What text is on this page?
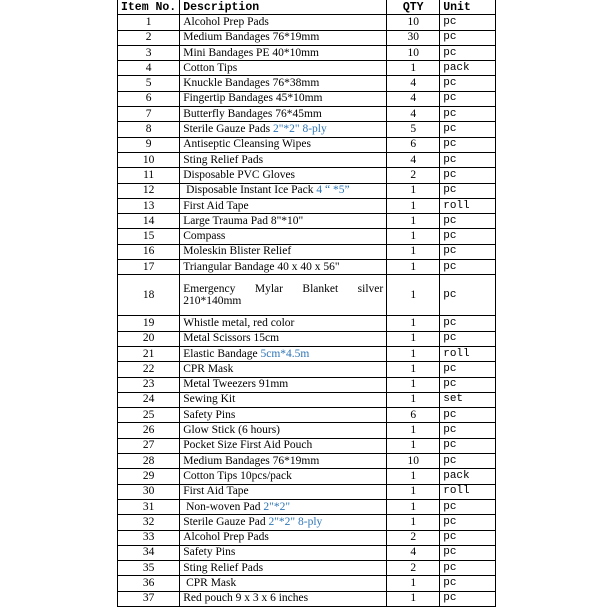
Item No.	Description	QTY	Unit
1	Alcohol Prep Pads	10	pc
2	Medium Bandages 76*19mm	30	pc
3	Mini Bandages PE 40*10mm	10	pc
4	Cotton Tips	1	pack
5	Knuckle Bandages 76*38mm	4	pc
6	Fingertip Bandages 45*10mm	4	pc
7	Butterfly Bandages 76*45mm	4	pc
8	Sterile Gauze Pads 2"*2" 8-ply	5	pc
9	Antiseptic Cleansing Wipes	6	pc
10	Sting Relief Pads	4	pc
11	Disposable PVC Gloves	2	pc
12	Disposable Instant Ice Pack 4 “ *5”	1	pc
13	First Aid Tape	1	roll
14	Large Trauma Pad 8"*10"	1	pc
15	Compass	1	pc
16	Moleskin Blister Relief	1	pc
17	Triangular Bandage 40 x 40 x 56"	1	pc
18	Emergency Mylar Blanket silver 210*140mm	1	pc
19	Whistle metal, red color	1	pc
20	Metal Scissors 15cm	1	pc
21	Elastic Bandage 5cm*4.5m	1	roll
22	CPR Mask	1	pc
23	Metal Tweezers 91mm	1	pc
24	Sewing Kit	1	set
25	Safety Pins	6	pc
26	Glow Stick (6 hours)	1	pc
27	Pocket Size First Aid Pouch	1	pc
28	Medium Bandages 76*19mm	10	pc
29	Cotton Tips 10pcs/pack	1	pack
30	First Aid Tape	1	roll
31	Non-woven Pad 2"*2"	1	pc
32	Sterile Gauze Pad 2"*2" 8-ply	1	pc
33	Alcohol Prep Pads	2	pc
34	Safety Pins	4	pc
35	Sting Relief Pads	2	pc
36	CPR Mask	1	pc
37	Red pouch 9 x 3 x 6 inches	1	pc
